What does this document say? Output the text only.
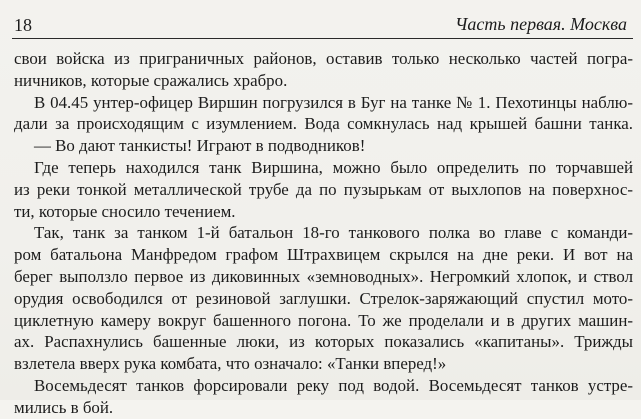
18	Часть первая. Москва
свои войска из приграничных районов, оставив только несколько частей погра-
ничников, которые сражались храбро.
В 04.45 унтер-офицер Виршин погрузился в Буг на танке № 1. Пехотинцы наблю-
дали за происходящим с изумлением. Вода сомкнулась над крышей башни танка.
— Во дают танкисты! Играют в подводников!
Где теперь находился танк Виршина, можно было определить по торчавшей
из реки тонкой металлической трубе да по пузырькам от выхлопов на поверхнос-
ти, которые сносило течением.
Так, танк за танком 1-й батальон 18-го танкового полка во главе с команди-
ром батальона Манфредом графом Штрахвицем скрылся на дне реки. И вот на
берег выползло первое из диковинных «земноводных». Негромкий хлопок, и ствол
орудия освободился от резиновой заглушки. Стрелок-заряжающий спустил мото-
циклетную камеру вокруг башенного погона. То же проделали и в других машин-
ах. Распахнулись башенные люки, из которых показались «капитаны». Трижды
взлетела вверх рука комбата, что означало: «Танки вперед!»
Восемьдесят танков форсировали реку под водой. Восемьдесят танков устре-
мились в бой.
